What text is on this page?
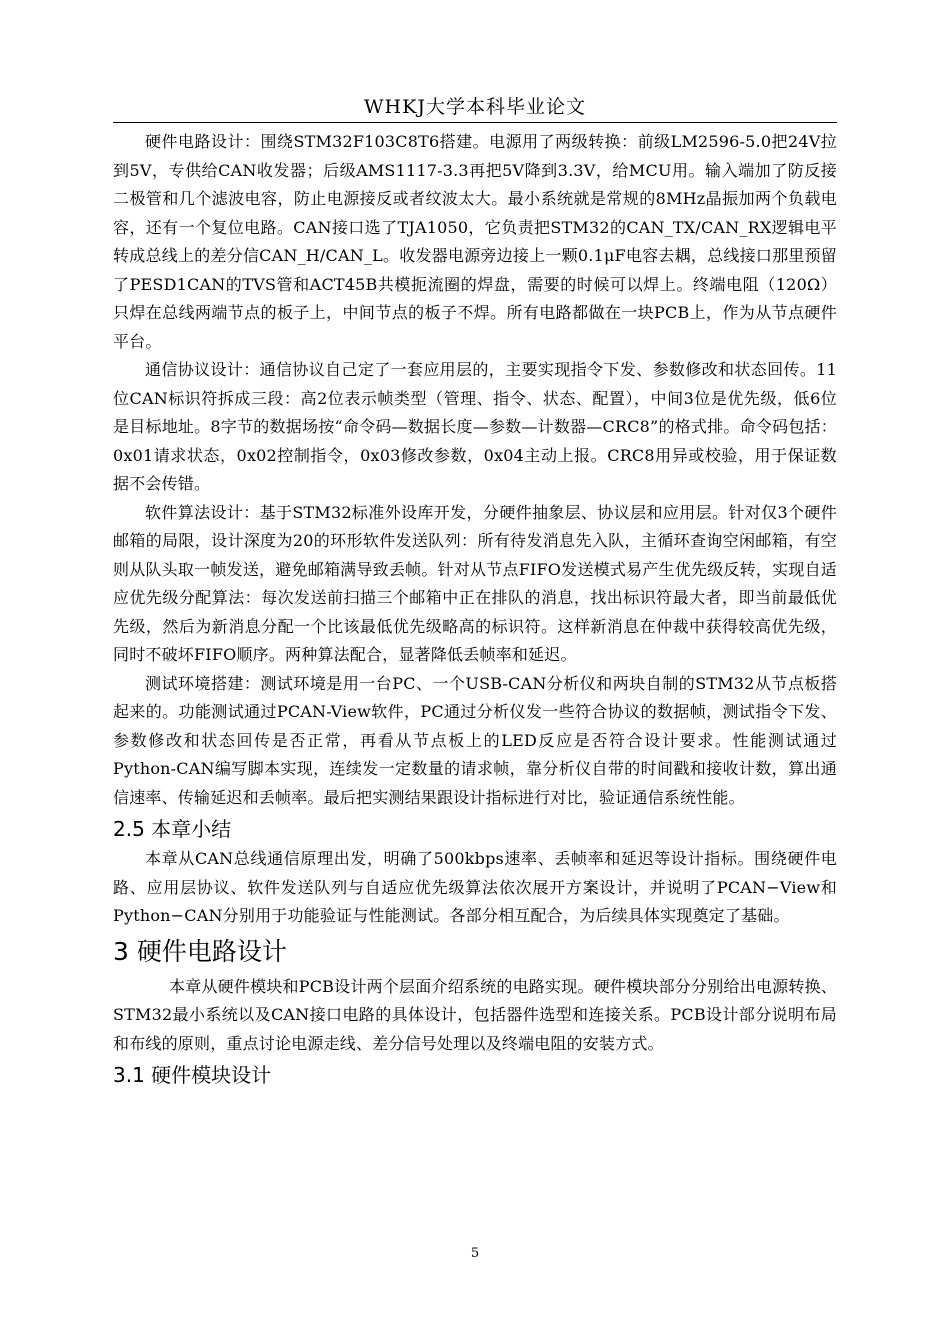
WHKJ大学本科毕业论文

硬件电路设计：围绕STM32F103C8T6搭建。电源用了两级转换：前级LM2596-5.0把24V拉到5V，专供给CAN收发器；后级AMS1117-3.3再把5V降到3.3V，给MCU用。输入端加了防反接二极管和几个滤波电容，防止电源接反或者纹波太大。最小系统就是常规的8MHz晶振加两个负载电容，还有一个复位电路。CAN接口选了TJA1050，它负责把STM32的CAN_TX/CAN_RX逻辑电平转成总线上的差分信CAN_H/CAN_L。收发器电源旁边接上一颗0.1μF电容去耦，总线接口那里预留了PESD1CAN的TVS管和ACT45B共模扼流圈的焊盘，需要的时候可以焊上。终端电阻（120Ω）只焊在总线两端节点的板子上，中间节点的板子不焊。所有电路都做在一块PCB上，作为从节点硬件平台。

通信协议设计：通信协议自己定了一套应用层的，主要实现指令下发、参数修改和状态回传。11位CAN标识符拆成三段：高2位表示帧类型（管理、指令、状态、配置），中间3位是优先级，低6位是目标地址。8字节的数据场按“命令码—数据长度—参数—计数器—CRC8”的格式排。命令码包括：0x01请求状态，0x02控制指令，0x03修改参数，0x04主动上报。CRC8用异或校验，用于保证数据不会传错。

软件算法设计：基于STM32标准外设库开发，分硬件抽象层、协议层和应用层。针对仅3个硬件邮箱的局限，设计深度为20的环形软件发送队列：所有待发消息先入队，主循环查询空闲邮箱，有空则从队头取一帧发送，避免邮箱满导致丢帧。针对从节点FIFO发送模式易产生优先级反转，实现自适应优先级分配算法：每次发送前扫描三个邮箱中正在排队的消息，找出标识符最大者，即当前最低优先级，然后为新消息分配一个比该最低优先级略高的标识符。这样新消息在仲裁中获得较高优先级，同时不破坏FIFO顺序。两种算法配合，显著降低丢帧率和延迟。

测试环境搭建：测试环境是用一台PC、一个USB-CAN分析仪和两块自制的STM32从节点板搭起来的。功能测试通过PCAN-View软件，PC通过分析仪发一些符合协议的数据帧，测试指令下发、参数修改和状态回传是否正常，再看从节点板上的LED反应是否符合设计要求。性能测试通过Python-CAN编写脚本实现，连续发一定数量的请求帧，靠分析仪自带的时间戳和接收计数，算出通信速率、传输延迟和丢帧率。最后把实测结果跟设计指标进行对比，验证通信系统性能。

2.5 本章小结

本章从CAN总线通信原理出发，明确了500kbps速率、丢帧率和延迟等设计指标。围绕硬件电路、应用层协议、软件发送队列与自适应优先级算法依次展开方案设计，并说明了PCAN−View和Python−CAN分别用于功能验证与性能测试。各部分相互配合，为后续具体实现奠定了基础。

3 硬件电路设计

本章从硬件模块和PCB设计两个层面介绍系统的电路实现。硬件模块部分分别给出电源转换、STM32最小系统以及CAN接口电路的具体设计，包括器件选型和连接关系。PCB设计部分说明布局和布线的原则，重点讨论电源走线、差分信号处理以及终端电阻的安装方式。

3.1 硬件模块设计
5
